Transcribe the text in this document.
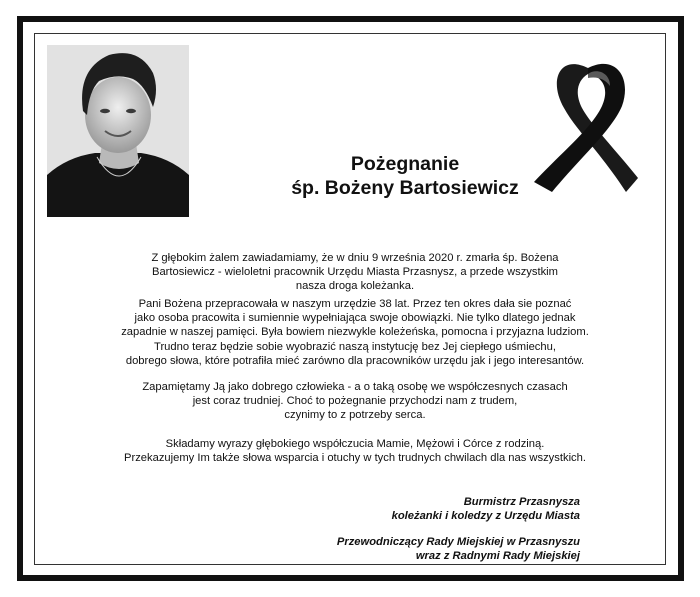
Pożegnanie
śp. Bożeny Bartosiewicz
Z głębokim żalem zawiadamiamy, że w dniu 9 września 2020 r. zmarła śp. Bożena
Bartosiewicz - wieloletni pracownik Urzędu Miasta Przasnysz, a przede wszystkim
nasza droga koleżanka.
Pani Bożena przepracowała w naszym urzędzie 38 lat. Przez ten okres dała sie poznać
jako osoba pracowita i sumiennie wypełniająca swoje obowiązki. Nie tylko dlatego jednak
zapadnie w naszej pamięci. Była bowiem niezwykle koleżeńska, pomocna i przyjazna ludziom.
Trudno teraz będzie sobie wyobrazić naszą instytucję bez Jej ciepłego uśmiechu,
dobrego słowa, które potrafiła mieć zarówno dla pracowników urzędu jak i jego interesantów.
Zapamiętamy Ją jako dobrego człowieka - a o taką osobę we współczesnych czasach
jest coraz trudniej. Choć to pożegnanie przychodzi nam z trudem,
czynimy to z potrzeby serca.
Składamy wyrazy głębokiego współczucia Mamie, Mężowi i Córce z rodziną.
Przekazujemy Im także słowa wsparcia i otuchy w tych trudnych chwilach dla nas wszystkich.
Burmistrz Przasnysza
koleżanki i koledzy z Urzędu Miasta
Przewodniczący Rady Miejskiej w Przasnyszu
wraz z Radnymi Rady Miejskiej
